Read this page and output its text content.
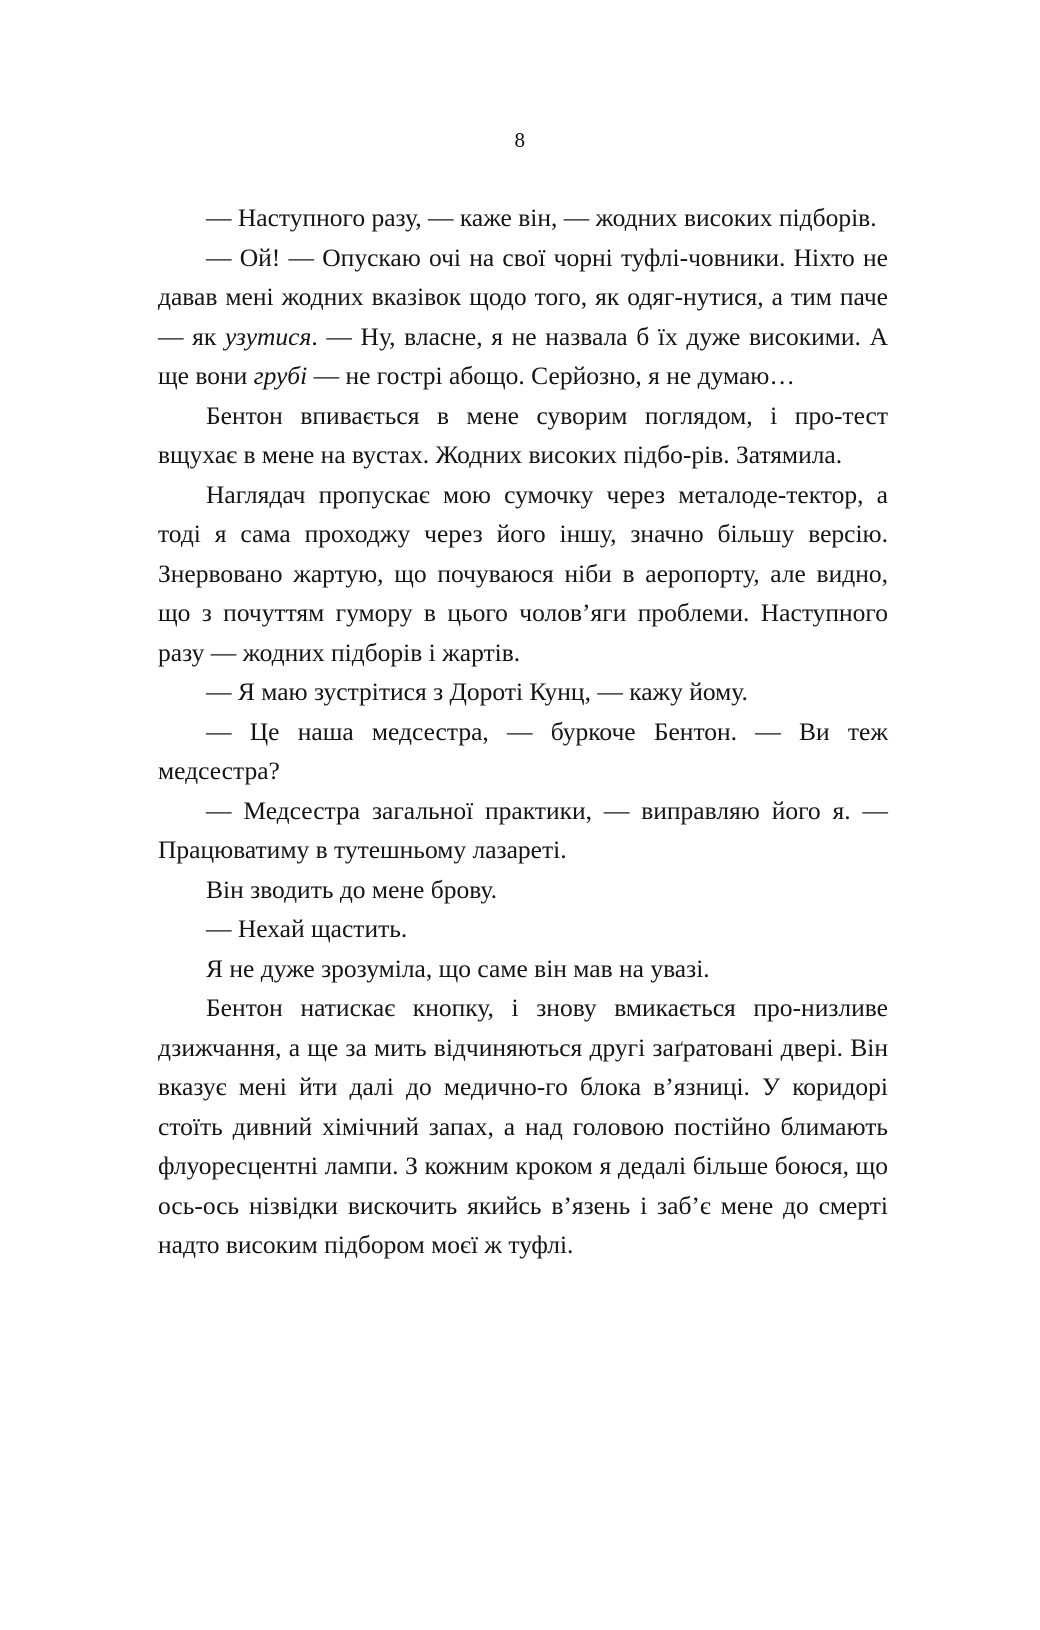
8

— Наступного разу, — каже він, — жодних високих підборів.

— Ой! — Опускаю очі на свої чорні туфлі-човники. Ніхто не давав мені жодних вказівок щодо того, як одяг-нутися, а тим паче — як узутися. — Ну, власне, я не назвала б їх дуже високими. А ще вони грубі — не гострі абощо. Серйозно, я не думаю…

Бентон впивається в мене суворим поглядом, і про-тест вщухає в мене на вустах. Жодних високих підбо-рів. Затямила.

Наглядач пропускає мою сумочку через металоде-тектор, а тоді я сама проходжу через його іншу, значно більшу версію. Знервовано жартую, що почуваюся ніби в аеропорту, але видно, що з почуттям гумору в цього чолов’яги проблеми. Наступного разу — жодних підборів і жартів.

— Я маю зустрітися з Дороті Кунц, — кажу йому.

— Це наша медсестра, — буркоче Бентон. — Ви теж медсестра?

— Медсестра загальної практики, — виправляю його я. — Працюватиму в тутешньому лазареті.

Він зводить до мене брову.

— Нехай щастить.

Я не дуже зрозуміла, що саме він мав на увазі.

Бентон натискає кнопку, і знову вмикається про-низливе дзижчання, а ще за мить відчиняються другі заґратовані двері. Він вказує мені йти далі до медично-го блока в’язниці. У коридорі стоїть дивний хімічний запах, а над головою постійно блимають флуоресцентні лампи. З кожним кроком я дедалі більше боюся, що ось-ось нізвідки вискочить якийсь в’язень і заб’є мене до смерті надто високим підбором моєї ж туфлі.
